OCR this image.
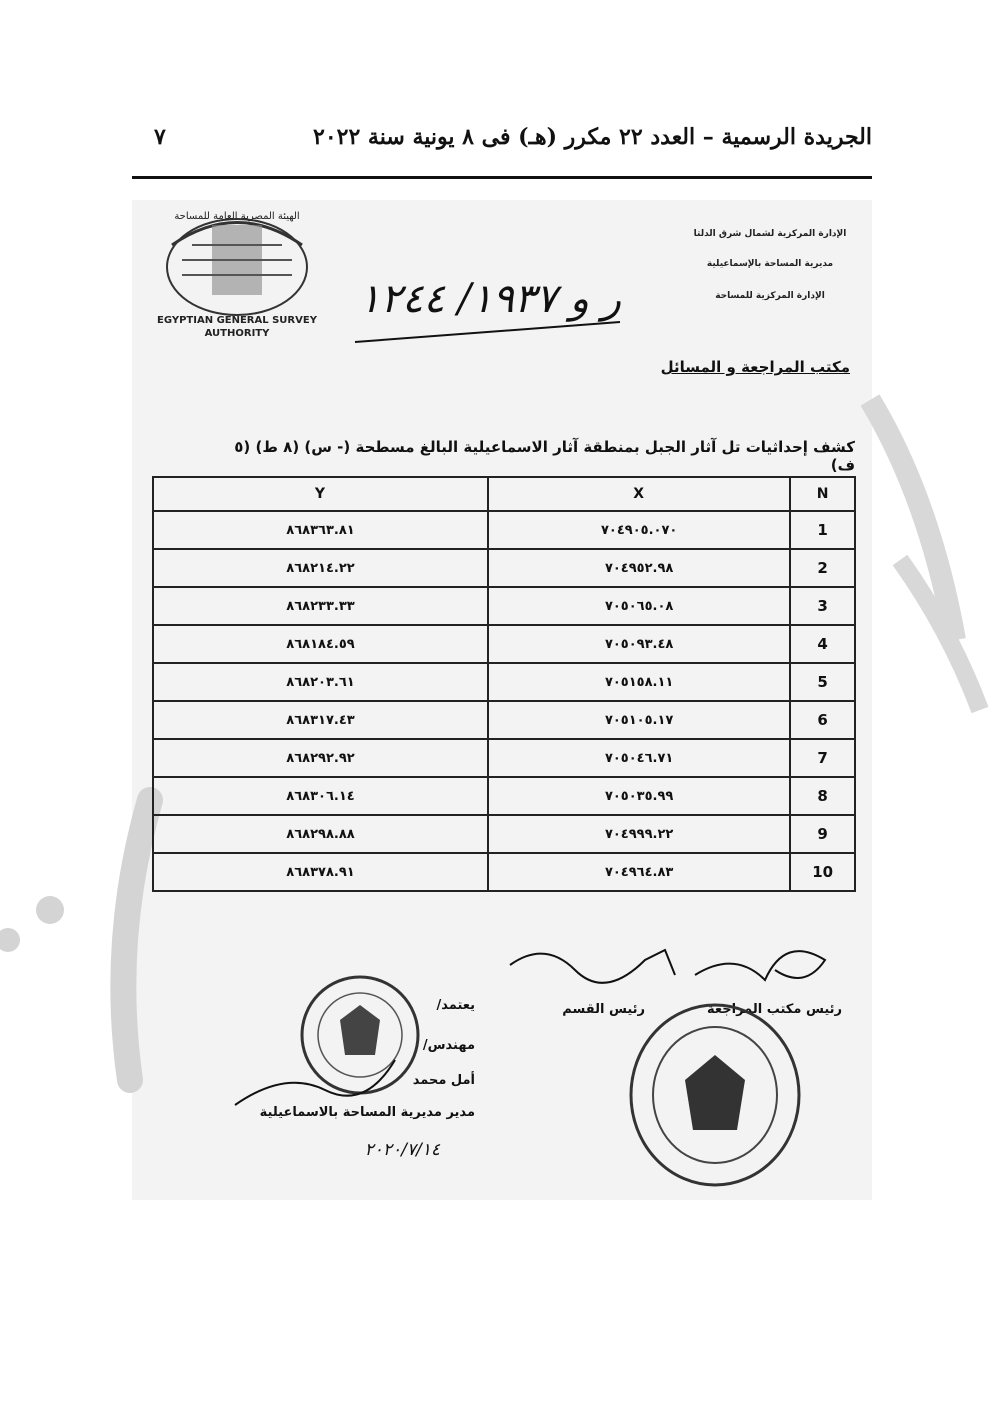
الجريدة الرسمية – العدد ٢٢ مكرر (هـ) فى ٨ يونية سنة ٢٠٢٢
٧
الهيئة المصرية العامة للمساحة
EGYPTIAN GENERAL SURVEY
AUTHORITY
الإدارة المركزية لشمال شرق الدلتا
مديرية المساحة بالإسماعيلية
الإدارة المركزية للمساحة
ر و ١٩٣٧/ ١٢٤٤
مكتب المراجعة و المسائل
كشف إحداثيات تل آثار الجبل بمنطقة آثار الاسماعيلية البالغ مسطحة (- س) (٨ ط) (٥ ف)
Y	X	N
٨٦٨٣٦٣.٨١	٧٠٤٩٠٥.٠٧٠	1
٨٦٨٢١٤.٢٢	٧٠٤٩٥٢.٩٨	2
٨٦٨٢٣٣.٣٣	٧٠٥٠٦٥.٠٨	3
٨٦٨١٨٤.٥٩	٧٠٥٠٩٣.٤٨	4
٨٦٨٢٠٣.٦١	٧٠٥١٥٨.١١	5
٨٦٨٣١٧.٤٣	٧٠٥١٠٥.١٧	6
٨٦٨٢٩٢.٩٢	٧٠٥٠٤٦.٧١	7
٨٦٨٣٠٦.١٤	٧٠٥٠٣٥.٩٩	8
٨٦٨٢٩٨.٨٨	٧٠٤٩٩٩.٢٢	9
٨٦٨٣٧٨.٩١	٧٠٤٩٦٤.٨٣	10
رئيس مكتب المراجعة
رئيس القسم
يعتمد/
مهندس/
أمل محمد
مدير مديرية المساحة بالاسماعيلية
٢٠٢٠/٧/١٤
